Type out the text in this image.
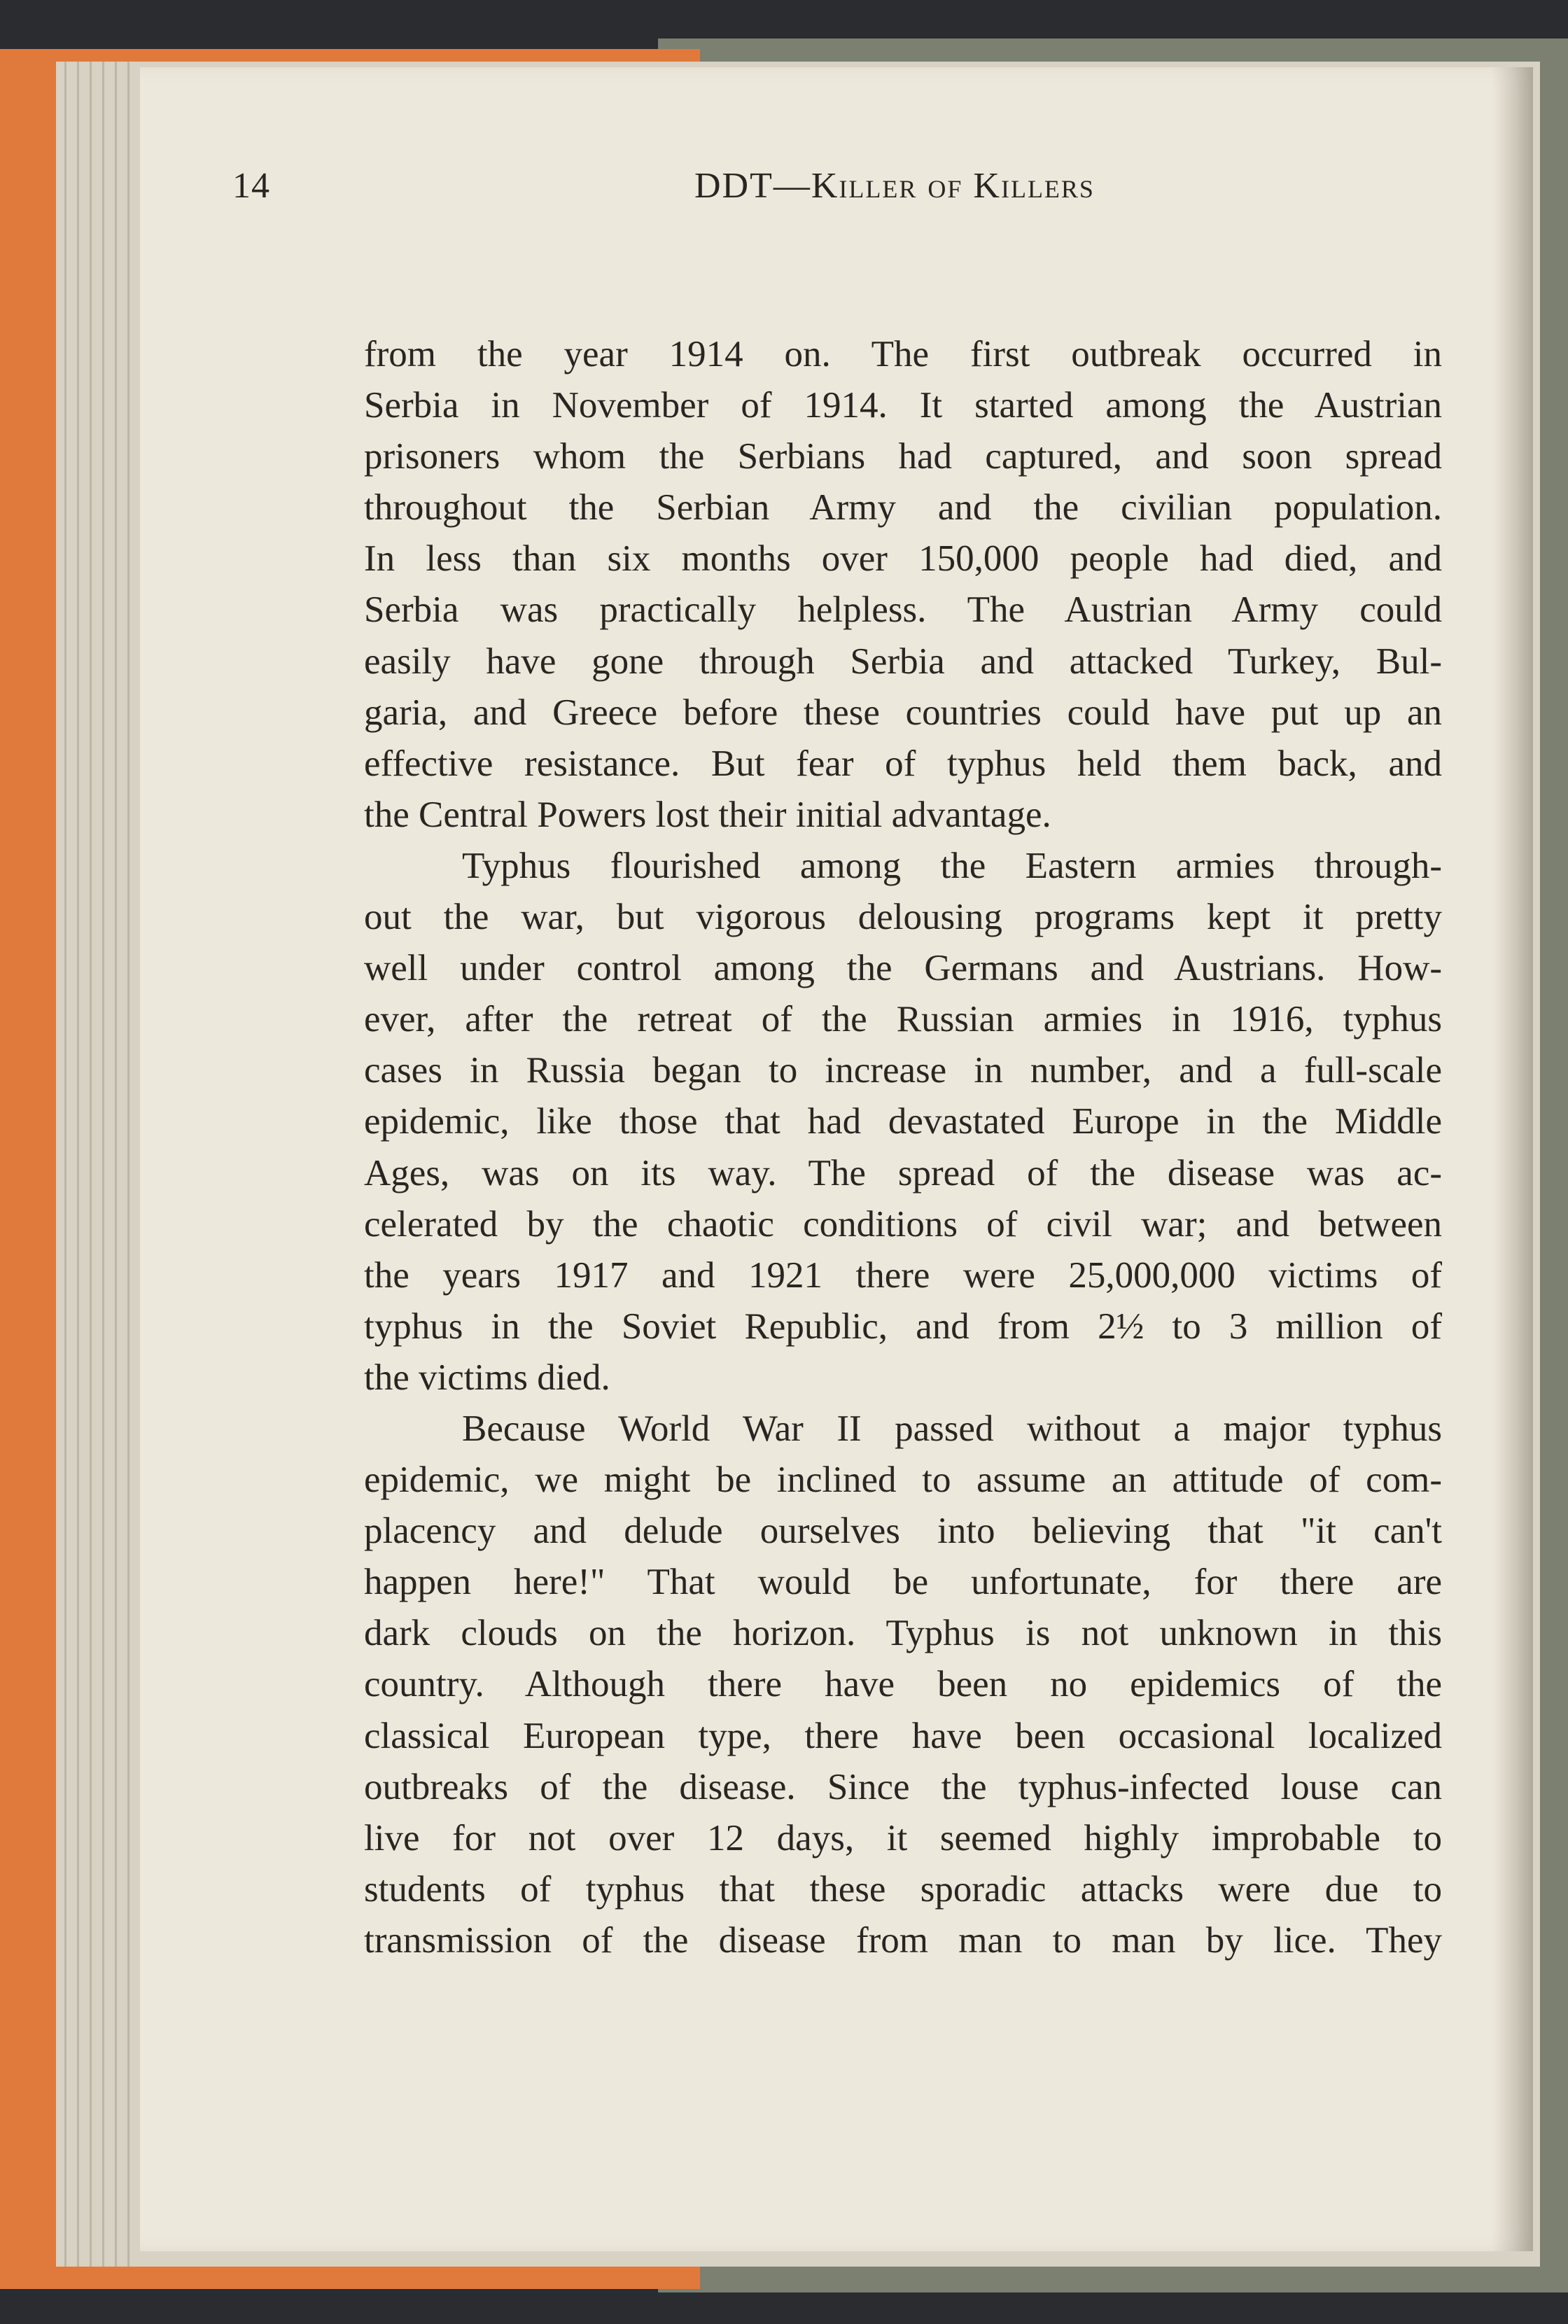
14	DDT—Killer of Killers
from the year 1914 on. The first outbreak occurred in
Serbia in November of 1914. It started among the Austrian
prisoners whom the Serbians had captured, and soon spread
throughout the Serbian Army and the civilian population.
In less than six months over 150,000 people had died, and
Serbia was practically helpless. The Austrian Army could
easily have gone through Serbia and attacked Turkey, Bul-
garia, and Greece before these countries could have put up an
effective resistance. But fear of typhus held them back, and
the Central Powers lost their initial advantage.
Typhus flourished among the Eastern armies through-
out the war, but vigorous delousing programs kept it pretty
well under control among the Germans and Austrians. How-
ever, after the retreat of the Russian armies in 1916, typhus
cases in Russia began to increase in number, and a full-scale
epidemic, like those that had devastated Europe in the Middle
Ages, was on its way. The spread of the disease was ac-
celerated by the chaotic conditions of civil war; and between
the years 1917 and 1921 there were 25,000,000 victims of
typhus in the Soviet Republic, and from 2½ to 3 million of
the victims died.
Because World War II passed without a major typhus
epidemic, we might be inclined to assume an attitude of com-
placency and delude ourselves into believing that "it can't
happen here!" That would be unfortunate, for there are
dark clouds on the horizon. Typhus is not unknown in this
country. Although there have been no epidemics of the
classical European type, there have been occasional localized
outbreaks of the disease. Since the typhus-infected louse can
live for not over 12 days, it seemed highly improbable to
students of typhus that these sporadic attacks were due to
transmission of the disease from man to man by lice. They
